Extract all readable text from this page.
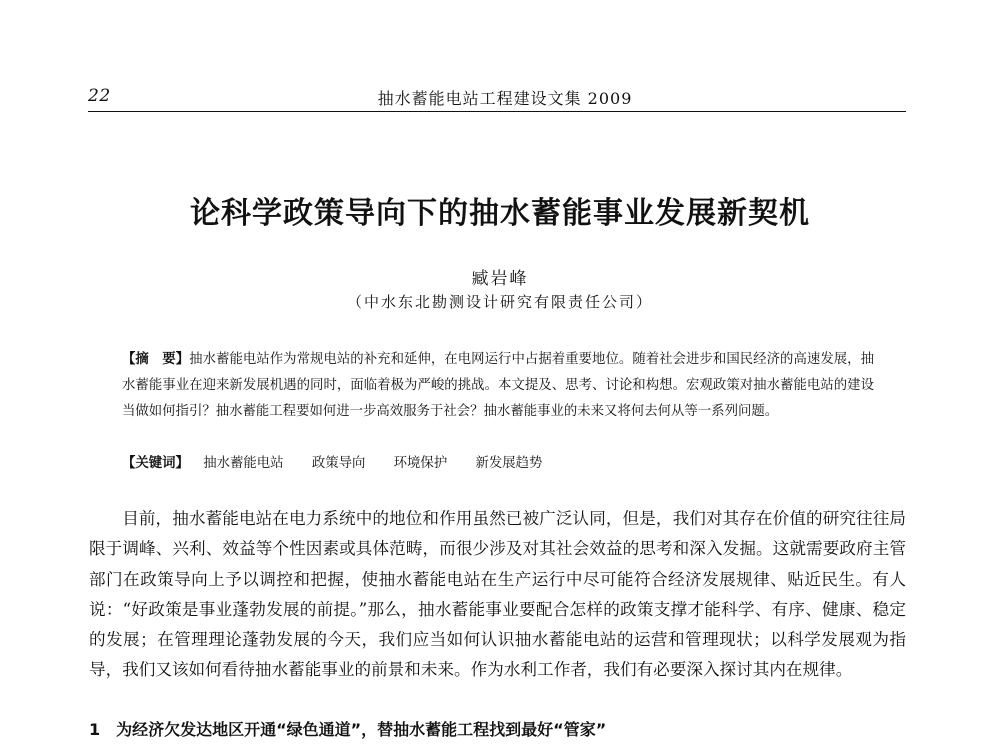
22	抽水蓄能电站工程建设文集 2009
论科学政策导向下的抽水蓄能事业发展新契机
臧岩峰
（中水东北勘测设计研究有限责任公司）
【摘　要】抽水蓄能电站作为常规电站的补充和延伸，在电网运行中占据着重要地位。随着社会进步和国民经济的高速发展，抽水蓄能事业在迎来新发展机遇的同时，面临着极为严峻的挑战。本文提及、思考、讨论和构想。宏观政策对抽水蓄能电站的建设当做如何指引？抽水蓄能工程要如何进一步高效服务于社会？抽水蓄能事业的未来又将何去何从等一系列问题。
【关键词】 抽水蓄能电站 政策导向 环境保护 新发展趋势

目前，抽水蓄能电站在电力系统中的地位和作用虽然已被广泛认同，但是，我们对其存在价值的研究往往局限于调峰、兴利、效益等个性因素或具体范畴，而很少涉及对其社会效益的思考和深入发掘。这就需要政府主管部门在政策导向上予以调控和把握，使抽水蓄能电站在生产运行中尽可能符合经济发展规律、贴近民生。有人说：“好政策是事业蓬勃发展的前提。”那么，抽水蓄能事业要配合怎样的政策支撑才能科学、有序、健康、稳定的发展；在管理理论蓬勃发展的今天，我们应当如何认识抽水蓄能电站的运营和管理现状；以科学发展观为指导，我们又该如何看待抽水蓄能事业的前景和未来。作为水利工作者，我们有必要深入探讨其内在规律。

1 为经济欠发达地区开通“绿色通道”，替抽水蓄能工程找到最好“管家”
